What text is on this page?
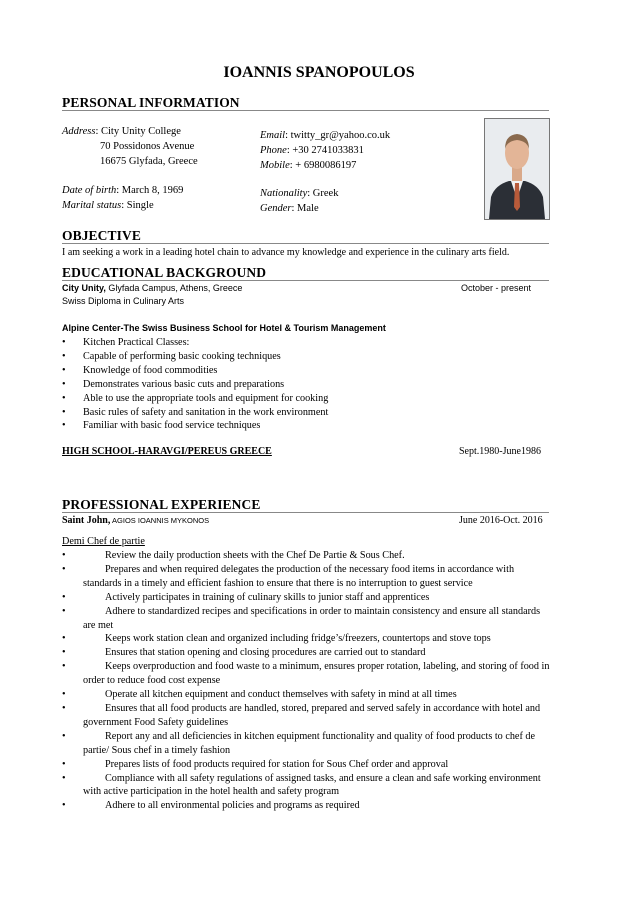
IOANNIS SPANOPOULOS
PERSONAL INFORMATION
Address: City Unity College
70 Possidonos Avenue
16675 Glyfada, Greece
Date of birth: March 8, 1969
Marital status: Single
Email: twitty_gr@yahoo.co.uk
Phone: +30 2741033831
Mobile: + 6980086197
Nationality: Greek
Gender: Male
OBJECTIVE
I am seeking a work in a leading hotel chain to advance my knowledge and experience in the culinary arts field.
EDUCATIONAL BACKGROUND
City Unity, Glyfada Campus, Athens, Greece	October - present
Swiss Diploma in Culinary Arts
Alpine Center-The Swiss Business School for Hotel & Tourism Management
• Kitchen Practical Classes:
• Capable of performing basic cooking techniques
• Knowledge of food commodities
• Demonstrates various basic cuts and preparations
• Able to use the appropriate tools and equipment for cooking
• Basic rules of safety and sanitation in the work environment
• Familiar with basic food service techniques
HIGH SCHOOL-HARAVGI/PEREUS GREECE	Sept.1980-June1986
PROFESSIONAL EXPERIENCE
Saint John, AGIOS IOANNIS MYKONOS	June 2016-Oct. 2016
Demi Chef de partie
•	Review the daily production sheets with the Chef De Partie & Sous Chef.
•	Prepares and when required delegates the production of the necessary food items in accordance with standards in a timely and efficient fashion to ensure that there is no interruption to guest service
•	Actively participates in training of culinary skills to junior staff and apprentices
•	Adhere to standardized recipes and specifications in order to maintain consistency and ensure all standards are met
•	Keeps work station clean and organized including fridge’s/freezers, countertops and stove tops
•	Ensures that station opening and closing procedures are carried out to standard
•	Keeps overproduction and food waste to a minimum, ensures proper rotation, labeling, and storing of food in order to reduce food cost expense
•	Operate all kitchen equipment and conduct themselves with safety in mind at all times
•	Ensures that all food products are handled, stored, prepared and served safely in accordance with hotel and government Food Safety guidelines
•	Report any and all deficiencies in kitchen equipment functionality and quality of food products to chef de partie/ Sous chef in a timely fashion
•	Prepares lists of food products required for station for Sous Chef order and approval
•	Compliance with all safety regulations of assigned tasks, and ensure a clean and safe working environment with active participation in the hotel health and safety program
•	Adhere to all environmental policies and programs as required
